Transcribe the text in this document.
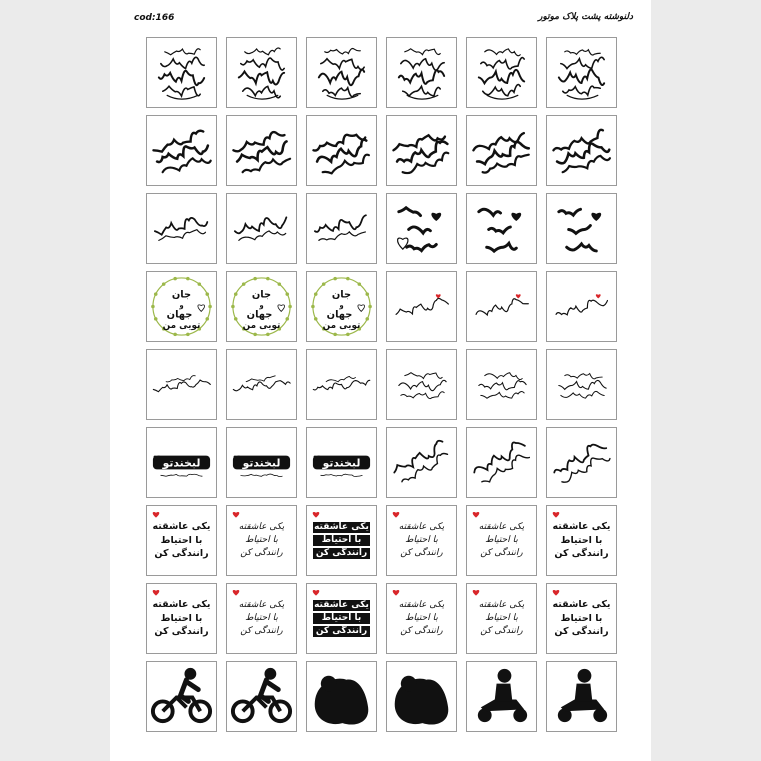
cod:166	دلنوشته پشت پلاک موتور
جان
و
جهان
تویی من
جان
و
جهان
تویی من
جان
و
جهان
تویی من
لبخندتو	لبخندتو	لبخندتو
یکی عاشقته
با احتیاط
رانندگی کن
یکی عاشقته
با احتیاط
رانندگی کن
یکی عاشقته
با احتیاط
رانندگی کن
یکی عاشقته
با احتیاط
رانندگی کن
یکی عاشقته
با احتیاط
رانندگی کن
یکی عاشقته
با احتیاط
رانندگی کن
یکی عاشقته
با احتیاط
رانندگی کن
یکی عاشقته
با احتیاط
رانندگی کن
یکی عاشقته
با احتیاط
رانندگی کن
یکی عاشقته
با احتیاط
رانندگی کن
یکی عاشقته
با احتیاط
رانندگی کن
یکی عاشقته
با احتیاط
رانندگی کن
